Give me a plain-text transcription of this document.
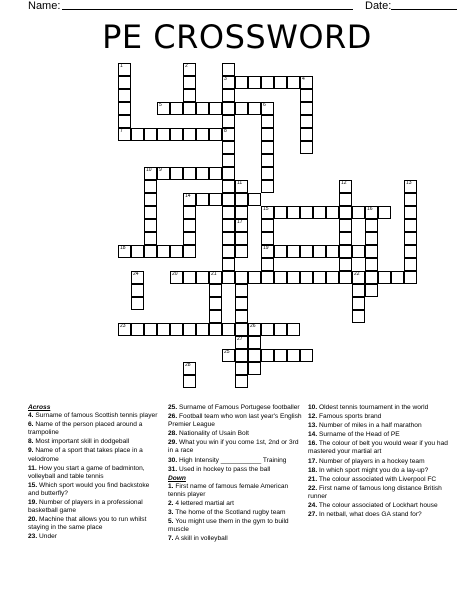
Name:	Date:
PE CROSSWORD
1
7
2
3
8
4
6
10
11
17
12	13
15
19
16
14
24	21	22
27
28
26
5
9
18
20
23
25
Across
4. Surname of famous Scottish tennis player
6. Name of the person placed around a trampoline
8. Most important skill in dodgeball
9. Name of a sport that takes place in a velodrome
11. How you start a game of badminton, volleyball and table tennis
15. Which sport would you find backstoke and butterfly?
19. Number of players in a professional basketball game
20. Machine that allows you to run whilst staying in the same place
23. Under
25. Surname of Famous Portugese footballer
26. Football team who won last year's English Premier League
28. Nationality of Usain Bolt
29. What you win if you come 1st, 2nd or 3rd in a race
30. High Intensity ___________ Training
31. Used in hockey to pass the ball
Down
1. First name of famous female American tennis player
2. 4 lettered martial art
3. The home of the Scotland rugby team
5. You might use them in the gym to build muscle
7. A skill in volleyball
10. Oldest tennis tournament in the world
12. Famous sports brand
13. Number of miles in a half marathon
14. Surname of the Head of PE
16. The colour of belt you would wear if you had mastered your martial art
17. Number of players in a hockey team
18. In which sport might you do a lay-up?
21. The colour associated with Liverpool FC
22. First name of famous long distance British runner
24. The colour associated of Lockhart house
27. In netball, what does GA stand for?
